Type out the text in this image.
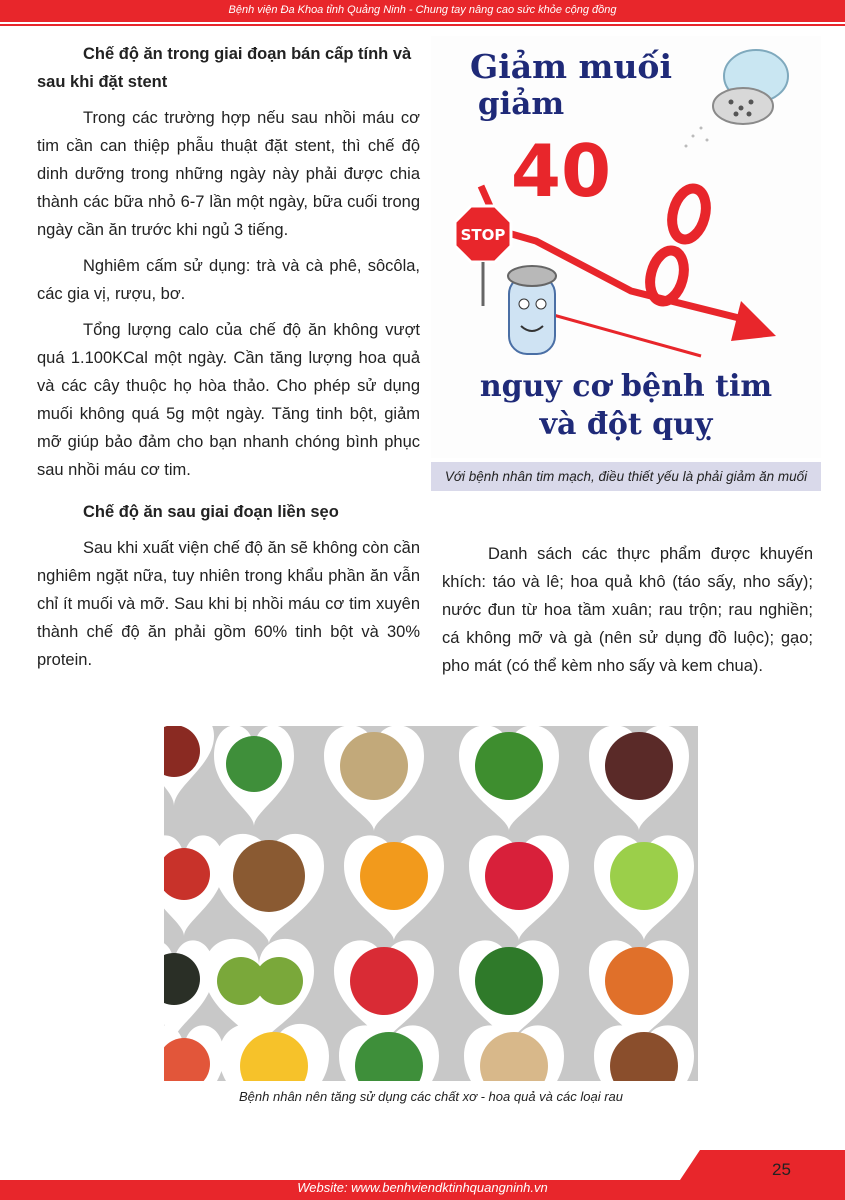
Bệnh viện Đa Khoa tỉnh Quảng Ninh - Chung tay nâng cao sức khỏe cộng đồng

Chế độ ăn trong giai đoạn bán cấp tính và sau khi đặt stent

Trong các trường hợp nếu sau nhồi máu cơ tim cần can thiệp phẫu thuật đặt stent, thì chế độ dinh dưỡng trong những ngày này phải được chia thành các bữa nhỏ 6-7 lần một ngày, bữa cuối trong ngày cần ăn trước khi ngủ 3 tiếng.

Nghiêm cấm sử dụng: trà và cà phê, sôcôla, các gia vị, rượu, bơ.

Tổng lượng calo của chế độ ăn không vượt quá 1.100KCal một ngày. Cần tăng lượng hoa quả và các cây thuộc họ hòa thảo. Cho phép sử dụng muối không quá 5g một ngày. Tăng tinh bột, giảm mỡ giúp bảo đảm cho bạn nhanh chóng bình phục sau nhồi máu cơ tim.

Chế độ ăn sau giai đoạn liền sẹo

Sau khi xuất viện chế độ ăn sẽ không còn cần nghiêm ngặt nữa, tuy nhiên trong khẩu phần ăn vẫn chỉ ít muối và mỡ. Sau khi bị nhồi máu cơ tim xuyên thành chế độ ăn phải gồm 60% tinh bột và 30% protein.

Danh sách các thực phẩm được khuyến khích: táo và lê; hoa quả khô (táo sấy, nho sấy); nước đun từ hoa tầm xuân; rau trộn; rau nghiền; cá không mỡ và gà (nên sử dụng đồ luộc); gạo; pho mát (có thể kèm nho sấy và kem chua).

Giảm muối
giảm
40
STOP
nguy cơ bệnh tim
và đột quỵ
Với bệnh nhân tim mạch, điều thiết yếu là phải giảm ăn muối
Bệnh nhân nên tăng sử dụng các chất xơ - hoa quả và các loại rau
25
Website: www.benhviendktinhquangninh.vn
